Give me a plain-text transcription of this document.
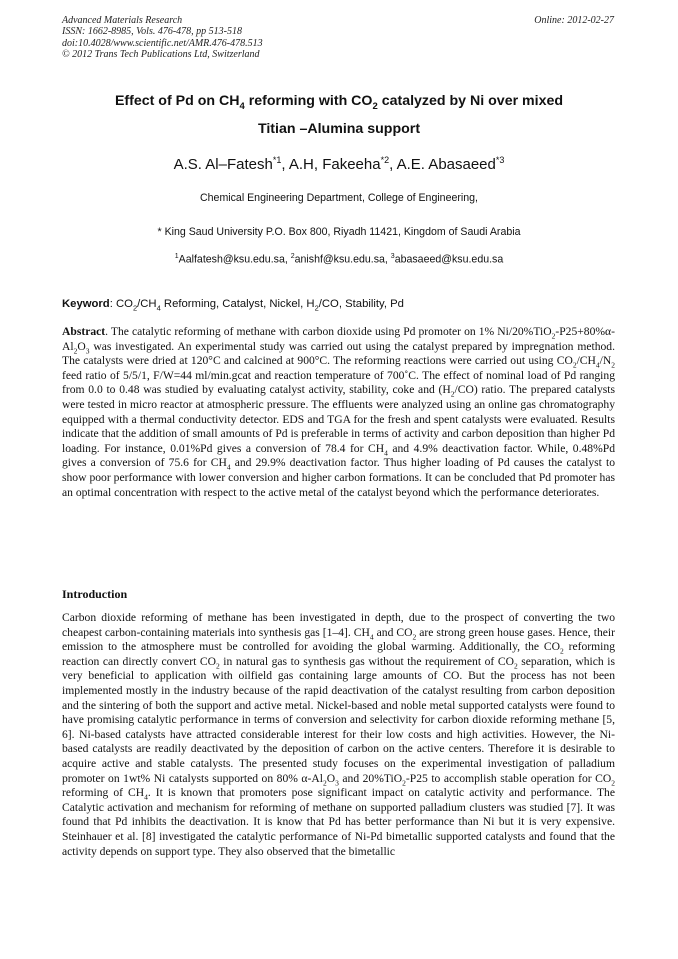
Advanced Materials Research
ISSN: 1662-8985, Vols. 476-478, pp 513-518
doi:10.4028/www.scientific.net/AMR.476-478.513
© 2012 Trans Tech Publications Ltd, Switzerland
Online: 2012-02-27
Effect of Pd on $CH_4$ reforming with $CO_2$ catalyzed by Ni over mixed
Titian –Alumina support
A.S. Al–Fatesh$^{*1}$, A.H, Fakeeha$^{*2}$, A.E. Abasaeed$^{*3}$
Chemical Engineering Department, College of Engineering,
* King Saud University P.O. Box 800, Riyadh 11421, Kingdom of Saudi Arabia
$^1$Aalfatesh@ksu.edu.sa, $^2$anishf@ksu.edu.sa, $^3$abasaeed@ksu.edu.sa
Keyword: $CO_2/CH_4$ Reforming, Catalyst, Nickel, $H_2/CO$, Stability, Pd
Abstract. The catalytic reforming of methane with carbon dioxide using Pd promoter on 1% $Ni/20\%TiO_2-P25+80\%\alpha-Al_2O_3$ was investigated. An experimental study was carried out using the catalyst prepared by impregnation method. The catalysts were dried at 120°C and calcined at 900°C. The reforming reactions were carried out using $CO_2/CH_4/N_2$ feed ratio of 5/5/1, F/W=44 ml/min.gcat and reaction temperature of 700˚C. The effect of nominal load of Pd ranging from 0.0 to 0.48 was studied by evaluating catalyst activity, stability, coke and $(H_2/CO)$ ratio. The prepared catalysts were tested in micro reactor at atmospheric pressure. The effluents were analyzed using an online gas chromatography equipped with a thermal conductivity detector. EDS and TGA for the fresh and spent catalysts were evaluated. Results indicate that the addition of small amounts of Pd is preferable in terms of activity and carbon deposition than higher Pd loading. For instance, 0.01%Pd gives a conversion of 78.4 for $CH_4$ and 4.9% deactivation factor. While, 0.48%Pd gives a conversion of 75.6 for $CH_4$ and 29.9% deactivation factor. Thus higher loading of Pd causes the catalyst to show poor performance with lower conversion and higher carbon formations. It can be concluded that Pd promoter has an optimal concentration with respect to the active metal of the catalyst beyond which the performance deteriorates.
Introduction
Carbon dioxide reforming of methane has been investigated in depth, due to the prospect of converting the two cheapest carbon-containing materials into synthesis gas [1–4]. $CH_4$ and $CO_2$ are strong green house gases. Hence, their emission to the atmosphere must be controlled for avoiding the global warming. Additionally, the $CO_2$ reforming reaction can directly convert $CO_2$ in natural gas to synthesis gas without the requirement of $CO_2$ separation, which is very beneficial to application with oilfield gas containing large amounts of CO. But the process has not been implemented mostly in the industry because of the rapid deactivation of the catalyst resulting from carbon deposition and the sintering of both the support and active metal. Nickel-based and noble metal supported catalysts were found to have promising catalytic performance in terms of conversion and selectivity for carbon dioxide reforming methane [5, 6]. Ni-based catalysts have attracted considerable interest for their low costs and high activities. However, the Ni-based catalysts are readily deactivated by the deposition of carbon on the active centers. Therefore it is desirable to acquire active and stable catalysts. The presented study focuses on the experimental investigation of palladium promoter on 1wt% Ni catalysts supported on 80% $\alpha-Al_2O_3$ and 20%TiO$_2$-P25 to accomplish stable operation for $CO_2$ reforming of $CH_4$. It is known that promoters pose significant impact on catalytic activity and performance. The Catalytic activation and mechanism for reforming of methane on supported palladium clusters was studied [7]. It was found that Pd inhibits the deactivation. It is know that Pd has better performance than Ni but it is very expensive. Steinhauer et al. [8] investigated the catalytic performance of Ni-Pd bimetallic supported catalysts and found that the activity depends on support type. They also observed that the bimetallic
